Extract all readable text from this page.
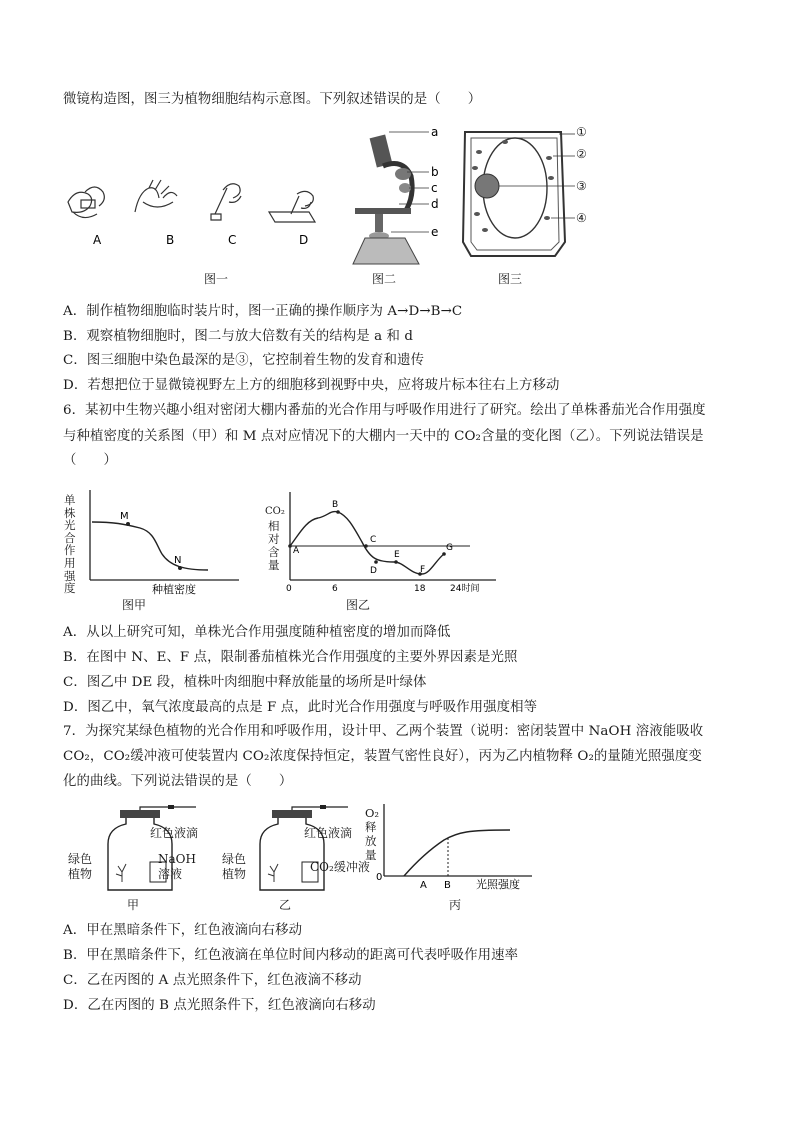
微镜构造图，图三为植物细胞结构示意图。下列叙述错误的是（　　）
A	B	C	D
图一
a
b
c
d
e
图二
①
②
③
④
图三
A．制作植物细胞临时装片时，图一正确的操作顺序为 A→D→B→C
B．观察植物细胞时，图二与放大倍数有关的结构是 a 和 d
C．图三细胞中染色最深的是③，它控制着生物的发育和遗传
D．若想把位于显微镜视野左上方的细胞移到视野中央，应将玻片标本往右上方移动
6．某初中生物兴趣小组对密闭大棚内番茄的光合作用与呼吸作用进行了研究。绘出了单株番茄光合作用强度
与种植密度的关系图（甲）和 M 点对应情况下的大棚内一天中的 CO₂含量的变化图（乙）。下列说法错误是
（　　）
单株光合作用强度
M
N
种植密度
图甲
CO₂
相对含量
A
B
C
D
E
F
G
0	6	18	24时间
图乙
A．从以上研究可知，单株光合作用强度随种植密度的增加而降低
B．在图中 N、E、F 点，限制番茄植株光合作用强度的主要外界因素是光照
C．图乙中 DE 段，植株叶肉细胞中释放能量的场所是叶绿体
D．图乙中，氧气浓度最高的点是 F 点，此时光合作用强度与呼吸作用强度相等
7．为探究某绿色植物的光合作用和呼吸作用，设计甲、乙两个装置（说明：密闭装置中 NaOH 溶液能吸收
CO₂，CO₂缓冲液可使装置内 CO₂浓度保持恒定，装置气密性良好），丙为乙内植物释 O₂的量随光照强度变
化的曲线。下列说法错误的是（　　）
红色液滴
绿色
植物
NaOH
溶液
甲
红色液滴
绿色
植物	CO₂缓冲液
乙
O₂
释
放
量
0
A B 光照强度
丙
A．甲在黑暗条件下，红色液滴向右移动
B．甲在黑暗条件下，红色液滴在单位时间内移动的距离可代表呼吸作用速率
C．乙在丙图的 A 点光照条件下，红色液滴不移动
D．乙在丙图的 B 点光照条件下，红色液滴向右移动
